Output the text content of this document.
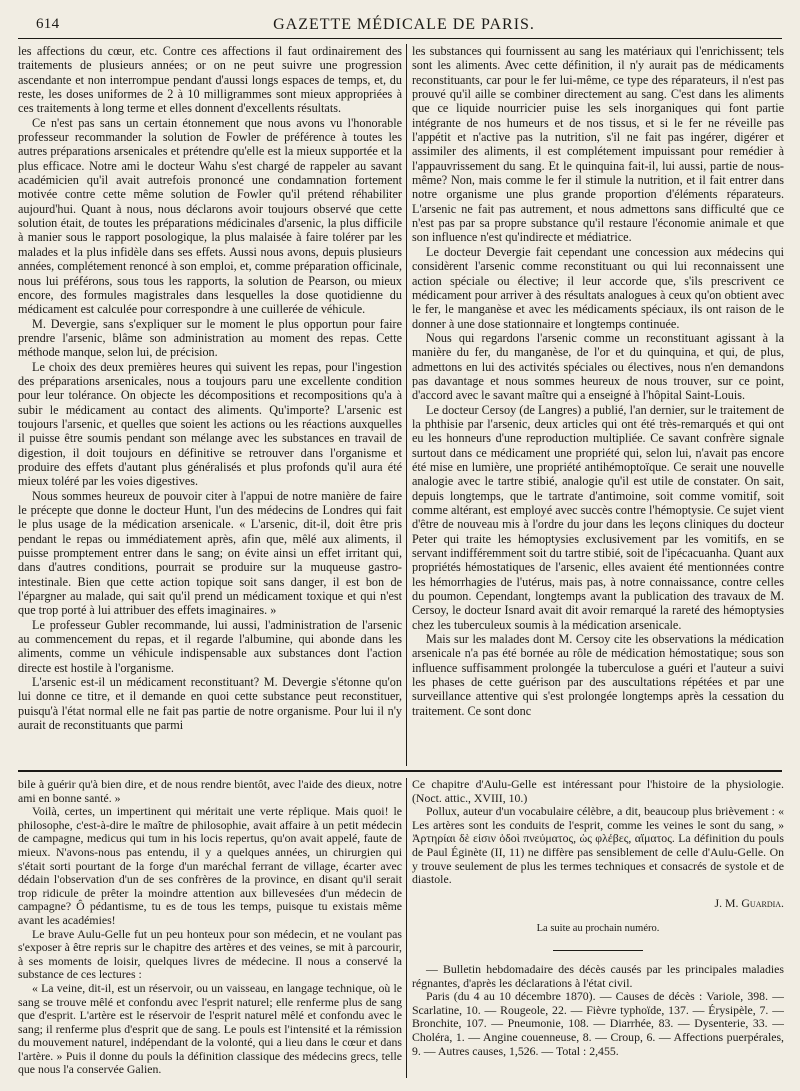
614	GAZETTE MÉDICALE DE PARIS.

les affections du cœur, etc. Contre ces affections il faut ordinairement des traitements de plusieurs années; or on ne peut suivre une progression ascendante et non interrompue pendant d'aussi longs espaces de temps, et, du reste, les doses uniformes de 2 à 10 milligrammes sont mieux appropriées à ces traitements à long terme et elles donnent d'excellents résultats.

Ce n'est pas sans un certain étonnement que nous avons vu l'honorable professeur recommander la solution de Fowler de préférence à toutes les autres préparations arsenicales et prétendre qu'elle est la mieux supportée et la plus efficace. Notre ami le docteur Wahu s'est chargé de rappeler au savant académicien qu'il avait autrefois prononcé une condamnation fortement motivée contre cette même solution de Fowler qu'il prétend réhabiliter aujourd'hui. Quant à nous, nous déclarons avoir toujours observé que cette solution était, de toutes les préparations médicinales d'arsenic, la plus difficile à manier sous le rapport posologique, la plus malaisée à faire tolérer par les malades et la plus infidèle dans ses effets. Aussi nous avons, depuis plusieurs années, complétement renoncé à son emploi, et, comme préparation officinale, nous lui préférons, sous tous les rapports, la solution de Pearson, ou mieux encore, des formules magistrales dans lesquelles la dose quotidienne du médicament est calculée pour correspondre à une cuillerée de véhicule.

M. Devergie, sans s'expliquer sur le moment le plus opportun pour faire prendre l'arsenic, blâme son administration au moment des repas. Cette méthode manque, selon lui, de précision.

Le choix des deux premières heures qui suivent les repas, pour l'ingestion des préparations arsenicales, nous a toujours paru une excellente condition pour leur tolérance. On objecte les décompositions et recompositions qu'a à subir le médicament au contact des aliments. Qu'importe? L'arsenic est toujours l'arsenic, et quelles que soient les actions ou les réactions auxquelles il puisse être soumis pendant son mélange avec les substances en travail de digestion, il doit toujours en définitive se retrouver dans l'organisme et produire des effets d'autant plus généralisés et plus profonds qu'il aura été mieux toléré par les voies digestives.

Nous sommes heureux de pouvoir citer à l'appui de notre manière de faire le précepte que donne le docteur Hunt, l'un des médecins de Londres qui fait le plus usage de la médication arsenicale. « L'arsenic, dit-il, doit être pris pendant le repas ou immédiatement après, afin que, mêlé aux aliments, il puisse promptement entrer dans le sang; on évite ainsi un effet irritant qui, dans d'autres conditions, pourrait se produire sur la muqueuse gastro-intestinale. Bien que cette action topique soit sans danger, il est bon de l'épargner au malade, qui sait qu'il prend un médicament toxique et qui n'est que trop porté à lui attribuer des effets imaginaires. »

Le professeur Gubler recommande, lui aussi, l'administration de l'arsenic au commencement du repas, et il regarde l'albumine, qui abonde dans les aliments, comme un véhicule indispensable aux substances dont l'action directe est hostile à l'organisme.

L'arsenic est-il un médicament reconstituant? M. Devergie s'étonne qu'on lui donne ce titre, et il demande en quoi cette substance peut reconstituer, puisqu'à l'état normal elle ne fait pas partie de notre organisme. Pour lui il n'y aurait de reconstituants que parmi

les substances qui fournissent au sang les matériaux qui l'enrichissent; tels sont les aliments. Avec cette définition, il n'y aurait pas de médicaments reconstituants, car pour le fer lui-même, ce type des réparateurs, il n'est pas prouvé qu'il aille se combiner directement au sang. C'est dans les aliments que ce liquide nourricier puise les sels inorganiques qui font partie intégrante de nos humeurs et de nos tissus, et si le fer ne réveille pas l'appétit et n'active pas la nutrition, s'il ne fait pas ingérer, digérer et assimiler des aliments, il est complétement impuissant pour remédier à l'appauvrissement du sang. Et le quinquina fait-il, lui aussi, partie de nous-même? Non, mais comme le fer il stimule la nutrition, et il fait entrer dans notre organisme une plus grande proportion d'éléments réparateurs. L'arsenic ne fait pas autrement, et nous admettons sans difficulté que ce n'est pas par sa propre substance qu'il restaure l'économie animale et que son influence n'est qu'indirecte et médiatrice.

Le docteur Devergie fait cependant une concession aux médecins qui considèrent l'arsenic comme reconstituant ou qui lui reconnaissent une action spéciale ou élective; il leur accorde que, s'ils prescrivent ce médicament pour arriver à des résultats analogues à ceux qu'on obtient avec le fer, le manganèse et avec les médicaments spéciaux, ils ont raison de le donner à une dose stationnaire et longtemps continuée.

Nous qui regardons l'arsenic comme un reconstituant agissant à la manière du fer, du manganèse, de l'or et du quinquina, et qui, de plus, admettons en lui des activités spéciales ou électives, nous n'en demandons pas davantage et nous sommes heureux de nous trouver, sur ce point, d'accord avec le savant maître qui a enseigné à l'hôpital Saint-Louis.

Le docteur Cersoy (de Langres) a publié, l'an dernier, sur le traitement de la phthisie par l'arsenic, deux articles qui ont été très-remarqués et qui ont eu les honneurs d'une reproduction multipliée. Ce savant confrère signale surtout dans ce médicament une propriété qui, selon lui, n'avait pas encore été mise en lumière, une propriété antihémoptoïque. Ce serait une nouvelle analogie avec le tartre stibié, analogie qu'il est utile de constater. On sait, depuis longtemps, que le tartrate d'antimoine, soit comme vomitif, soit comme altérant, est employé avec succès contre l'hémoptysie. Ce sujet vient d'être de nouveau mis à l'ordre du jour dans les leçons cliniques du docteur Peter qui traite les hémoptysies exclusivement par les vomitifs, en se servant indifféremment soit du tartre stibié, soit de l'ipécacuanha. Quant aux propriétés hémostatiques de l'arsenic, elles avaient été mentionnées contre les hémorrhagies de l'utérus, mais pas, à notre connaissance, contre celles du poumon. Cependant, longtemps avant la publication des travaux de M. Cersoy, le docteur Isnard avait dit avoir remarqué la rareté des hémoptysies chez les tuberculeux soumis à la médication arsenicale.

Mais sur les malades dont M. Cersoy cite les observations la médication arsenicale n'a pas été bornée au rôle de médication hémostatique; sous son influence suffisamment prolongée la tuberculose a guéri et l'auteur a suivi les phases de cette guérison par des auscultations répétées et par une surveillance attentive qui s'est prolongée longtemps après la cessation du traitement. Ce sont donc

bile à guérir qu'à bien dire, et de nous rendre bientôt, avec l'aide des dieux, notre ami en bonne santé. »

Voilà, certes, un impertinent qui méritait une verte réplique. Mais quoi! le philosophe, c'est-à-dire le maître de philosophie, avait affaire à un petit médecin de campagne, medicus qui tum in his locis repertus, qu'on avait appelé, faute de mieux. N'avons-nous pas entendu, il y a quelques années, un chirurgien qui s'était sorti pourtant de la forge d'un maréchal ferrant de village, écarter avec dédain l'observation d'un de ses confrères de la province, en disant qu'il serait trop ridicule de prêter la moindre attention aux billevesées d'un médecin de campagne? Ô pédantisme, tu es de tous les temps, puisque tu existais même avant les académies!

Le brave Aulu-Gelle fut un peu honteux pour son médecin, et ne voulant pas s'exposer à être repris sur le chapitre des artères et des veines, se mit à parcourir, à ses moments de loisir, quelques livres de médecine. Il nous a conservé la substance de ces lectures :

« La veine, dit-il, est un réservoir, ou un vaisseau, en langage technique, où le sang se trouve mêlé et confondu avec l'esprit naturel; elle renferme plus de sang que d'esprit. L'artère est le réservoir de l'esprit naturel mêlé et confondu avec le sang; il renferme plus d'esprit que de sang. Le pouls est l'intensité et la rémission du mouvement naturel, indépendant de la volonté, qui a lieu dans le cœur et dans l'artère. » Puis il donne du pouls la définition classique des médecins grecs, telle que nous l'a conservée Galien.

Ce chapitre d'Aulu-Gelle est intéressant pour l'histoire de la physiologie. (Noct. attic., XVIII, 10.)

Pollux, auteur d'un vocabulaire célèbre, a dit, beaucoup plus brièvement : « Les artères sont les conduits de l'esprit, comme les veines le sont du sang, » Ἀρτηρίαι δὲ εἰσιν ὁδοὶ πνεύματος, ὡς φλέβες, αἵματος. La définition du pouls de Paul Éginète (II, 11) ne diffère pas sensiblement de celle d'Aulu-Gelle. On y trouve seulement de plus les termes techniques et consacrés de systole et de diastole.

J. M. Guardia.

La suite au prochain numéro.

— Bulletin hebdomadaire des décès causés par les principales maladies régnantes, d'après les déclarations à l'état civil.

Paris (du 4 au 10 décembre 1870). — Causes de décès : Variole, 398. — Scarlatine, 10. — Rougeole, 22. — Fièvre typhoïde, 137. — Érysipèle, 7. — Bronchite, 107. — Pneumonie, 108. — Diarrhée, 83. — Dysenterie, 33. — Choléra, 1. — Angine couenneuse, 8. — Croup, 6. — Affections puerpérales, 9. — Autres causes, 1,526. — Total : 2,455.
